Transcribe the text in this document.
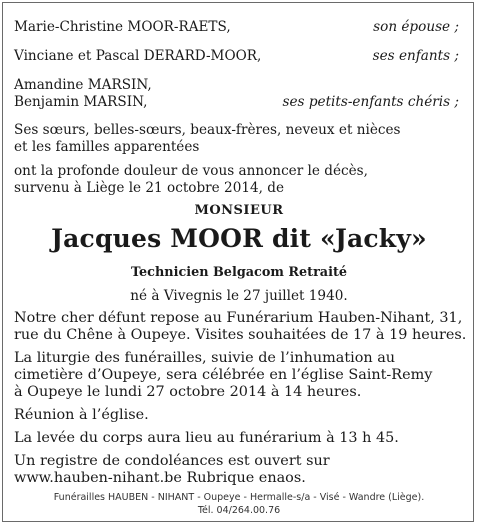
Marie-Christine MOOR-RAETS,	son épouse ;
Vinciane et Pascal DERARD-MOOR,	ses enfants ;
Amandine MARSIN,
Benjamin MARSIN,	ses petits-enfants chéris ;
Ses sœurs, belles-sœurs, beaux-frères, neveux et nièces
et les familles apparentées
ont la profonde douleur de vous annoncer le décès,
survenu à Liège le 21 octobre 2014, de
MONSIEUR
Jacques MOOR dit «Jacky»
Technicien Belgacom Retraité
né à Vivegnis le 27 juillet 1940.
Notre cher défunt repose au Funérarium Hauben-Nihant, 31,
rue du Chêne à Oupeye. Visites souhaitées de 17 à 19 heures.
La liturgie des funérailles, suivie de l’inhumation au
cimetière d’Oupeye, sera célébrée en l’église Saint-Remy
à Oupeye le lundi 27 octobre 2014 à 14 heures.
Réunion à l’église.
La levée du corps aura lieu au funérarium à 13 h 45.
Un registre de condoléances est ouvert sur
www.hauben-nihant.be Rubrique enaos.
Funérailles HAUBEN - NIHANT - Oupeye - Hermalle-s/a - Visé - Wandre (Liège).
Tél. 04/264.00.76
